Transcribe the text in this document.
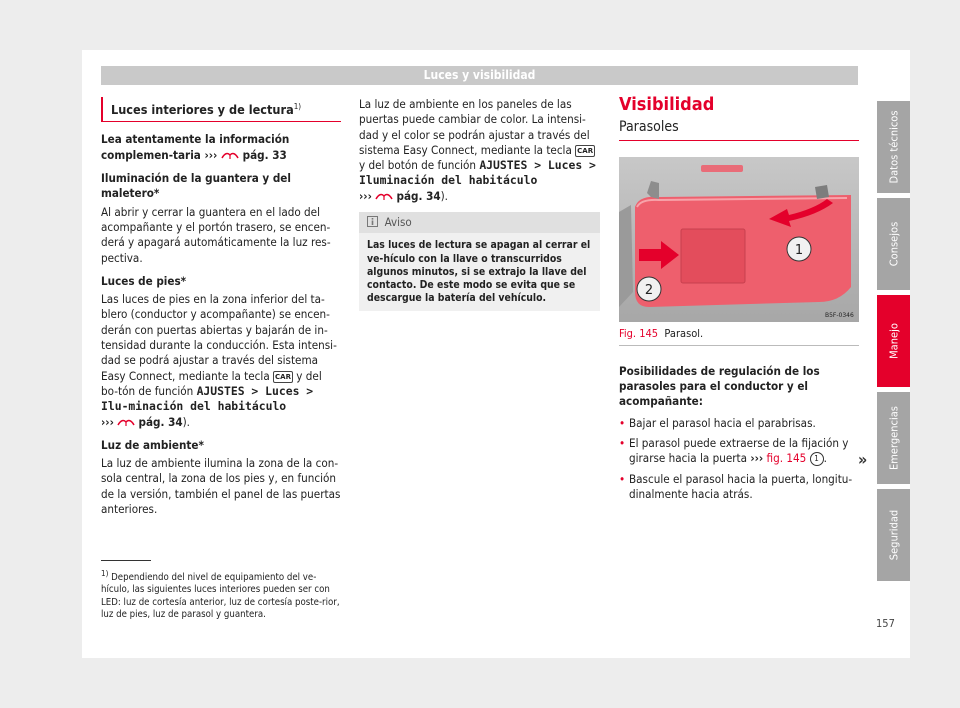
Luces y visibilidad
Luces interiores y de lectura$^{1)}$

Lea atentamente la información complemen-taria ››› pág. 33

Iluminación de la guantera y del maletero*

Al abrir y cerrar la guantera en el lado del acompañante y el portón trasero, se encen-derá y apagará automáticamente la luz res-pectiva.

Luces de pies*

Las luces de pies en la zona inferior del ta-blero (conductor y acompañante) se encen-derán con puertas abiertas y bajarán de in-tensidad durante la conducción. Esta intensi-dad se podrá ajustar a través del sistema Easy Connect, mediante la tecla CAR y del bo-tón de función AJUSTES > Luces > Ilu-minación del habitáculo
››› pág. 34).

Luz de ambiente*

La luz de ambiente ilumina la zona de la con-sola central, la zona de los pies y, en función de la versión, también el panel de las puertas anteriores.

La luz de ambiente en los paneles de las puertas puede cambiar de color. La intensi-dad y el color se podrán ajustar a través del sistema Easy Connect, mediante la tecla CAR
y del botón de función AJUSTES > Luces > Iluminación del habitáculo
››› pág. 34).

Aviso
Las luces de lectura se apagan al cerrar el ve-hículo con la llave o transcurridos algunos minutos, si se extrajo la llave del contacto. De este modo se evita que se descargue la batería del vehículo.
Visibilidad
Parasoles
1
2
B5F-0346
Fig. 145 Parasol.

Posibilidades de regulación de los parasoles para el conductor y el acompañante:

• Bajar el parasol hacia el parabrisas.
• El parasol puede extraerse de la fijación y girarse hacia la puerta ››› fig. 145 1 .
• Bascule el parasol hacia la puerta, longitu-dinalmente hacia atrás.
»
$^{1)}$ Dependiendo del nivel de equipamiento del ve-hículo, las siguientes luces interiores pueden ser con LED: luz de cortesía anterior, luz de cortesía poste-rior, luz de pies, luz de parasol y guantera.
Datos técnicos
Consejos
Manejo
Emergencias
Seguridad
157
